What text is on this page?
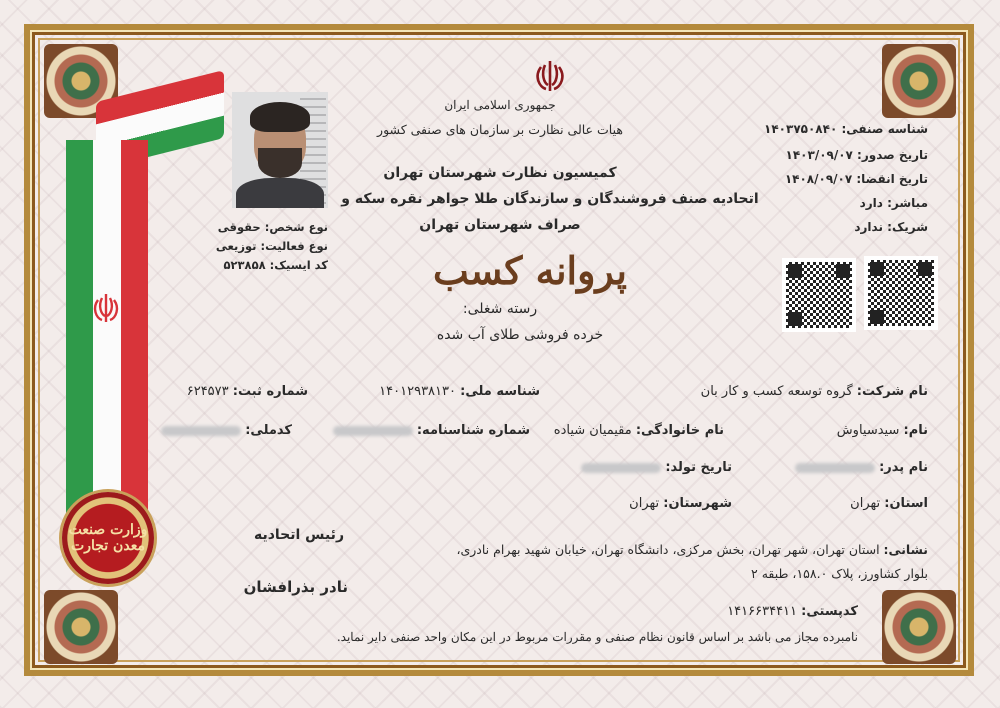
وزارت صنعت معدن تجارت
نوع شخص: حقوقی
نوع فعالیت: توزیعی
کد ایسیک: ۵۲۳۸۵۸
جمهوری اسلامی ایران
هیات عالی نظارت بر سازمان های صنفی کشور
کمیسیون نظارت شهرستان تهران
اتحادیه صنف فروشندگان و سازندگان طلا جواهر نقره سکه و
صراف شهرستان تهران
پروانه کسب
رسته شغلی:
خرده فروشی طلای آب شده
شناسه صنفی: ۱۴۰۳۷۵۰۸۴۰
تاریخ صدور: ۱۴۰۳/۰۹/۰۷
تاریخ انقضا: ۱۴۰۸/۰۹/۰۷
مباشر: دارد
شریک: ندارد
نام شرکت: گروه توسعه کسب و کار بان
شناسه ملی: ۱۴۰۱۲۹۳۸۱۳۰
شماره ثبت: ۶۲۴۵۷۳
نام: سیدسیاوش
نام خانوادگی: مقیمیان شیاده
شماره شناسنامه:
کدملی:
نام پدر:
تاریخ تولد:
استان: تهران
شهرستان: تهران
نشانی: استان تهران، شهر تهران، بخش مرکزی، دانشگاه تهران، خیابان شهید بهرام نادری،
بلوار کشاورز، پلاک ۱۵۸.۰، طبقه ۲
رئیس اتحادیه
نادر بذرافشان
کدپستی: ۱۴۱۶۶۳۴۴۱۱
نامبرده مجاز می باشد بر اساس قانون نظام صنفی و مقررات مربوط در این مکان واحد صنفی دایر نماید.
